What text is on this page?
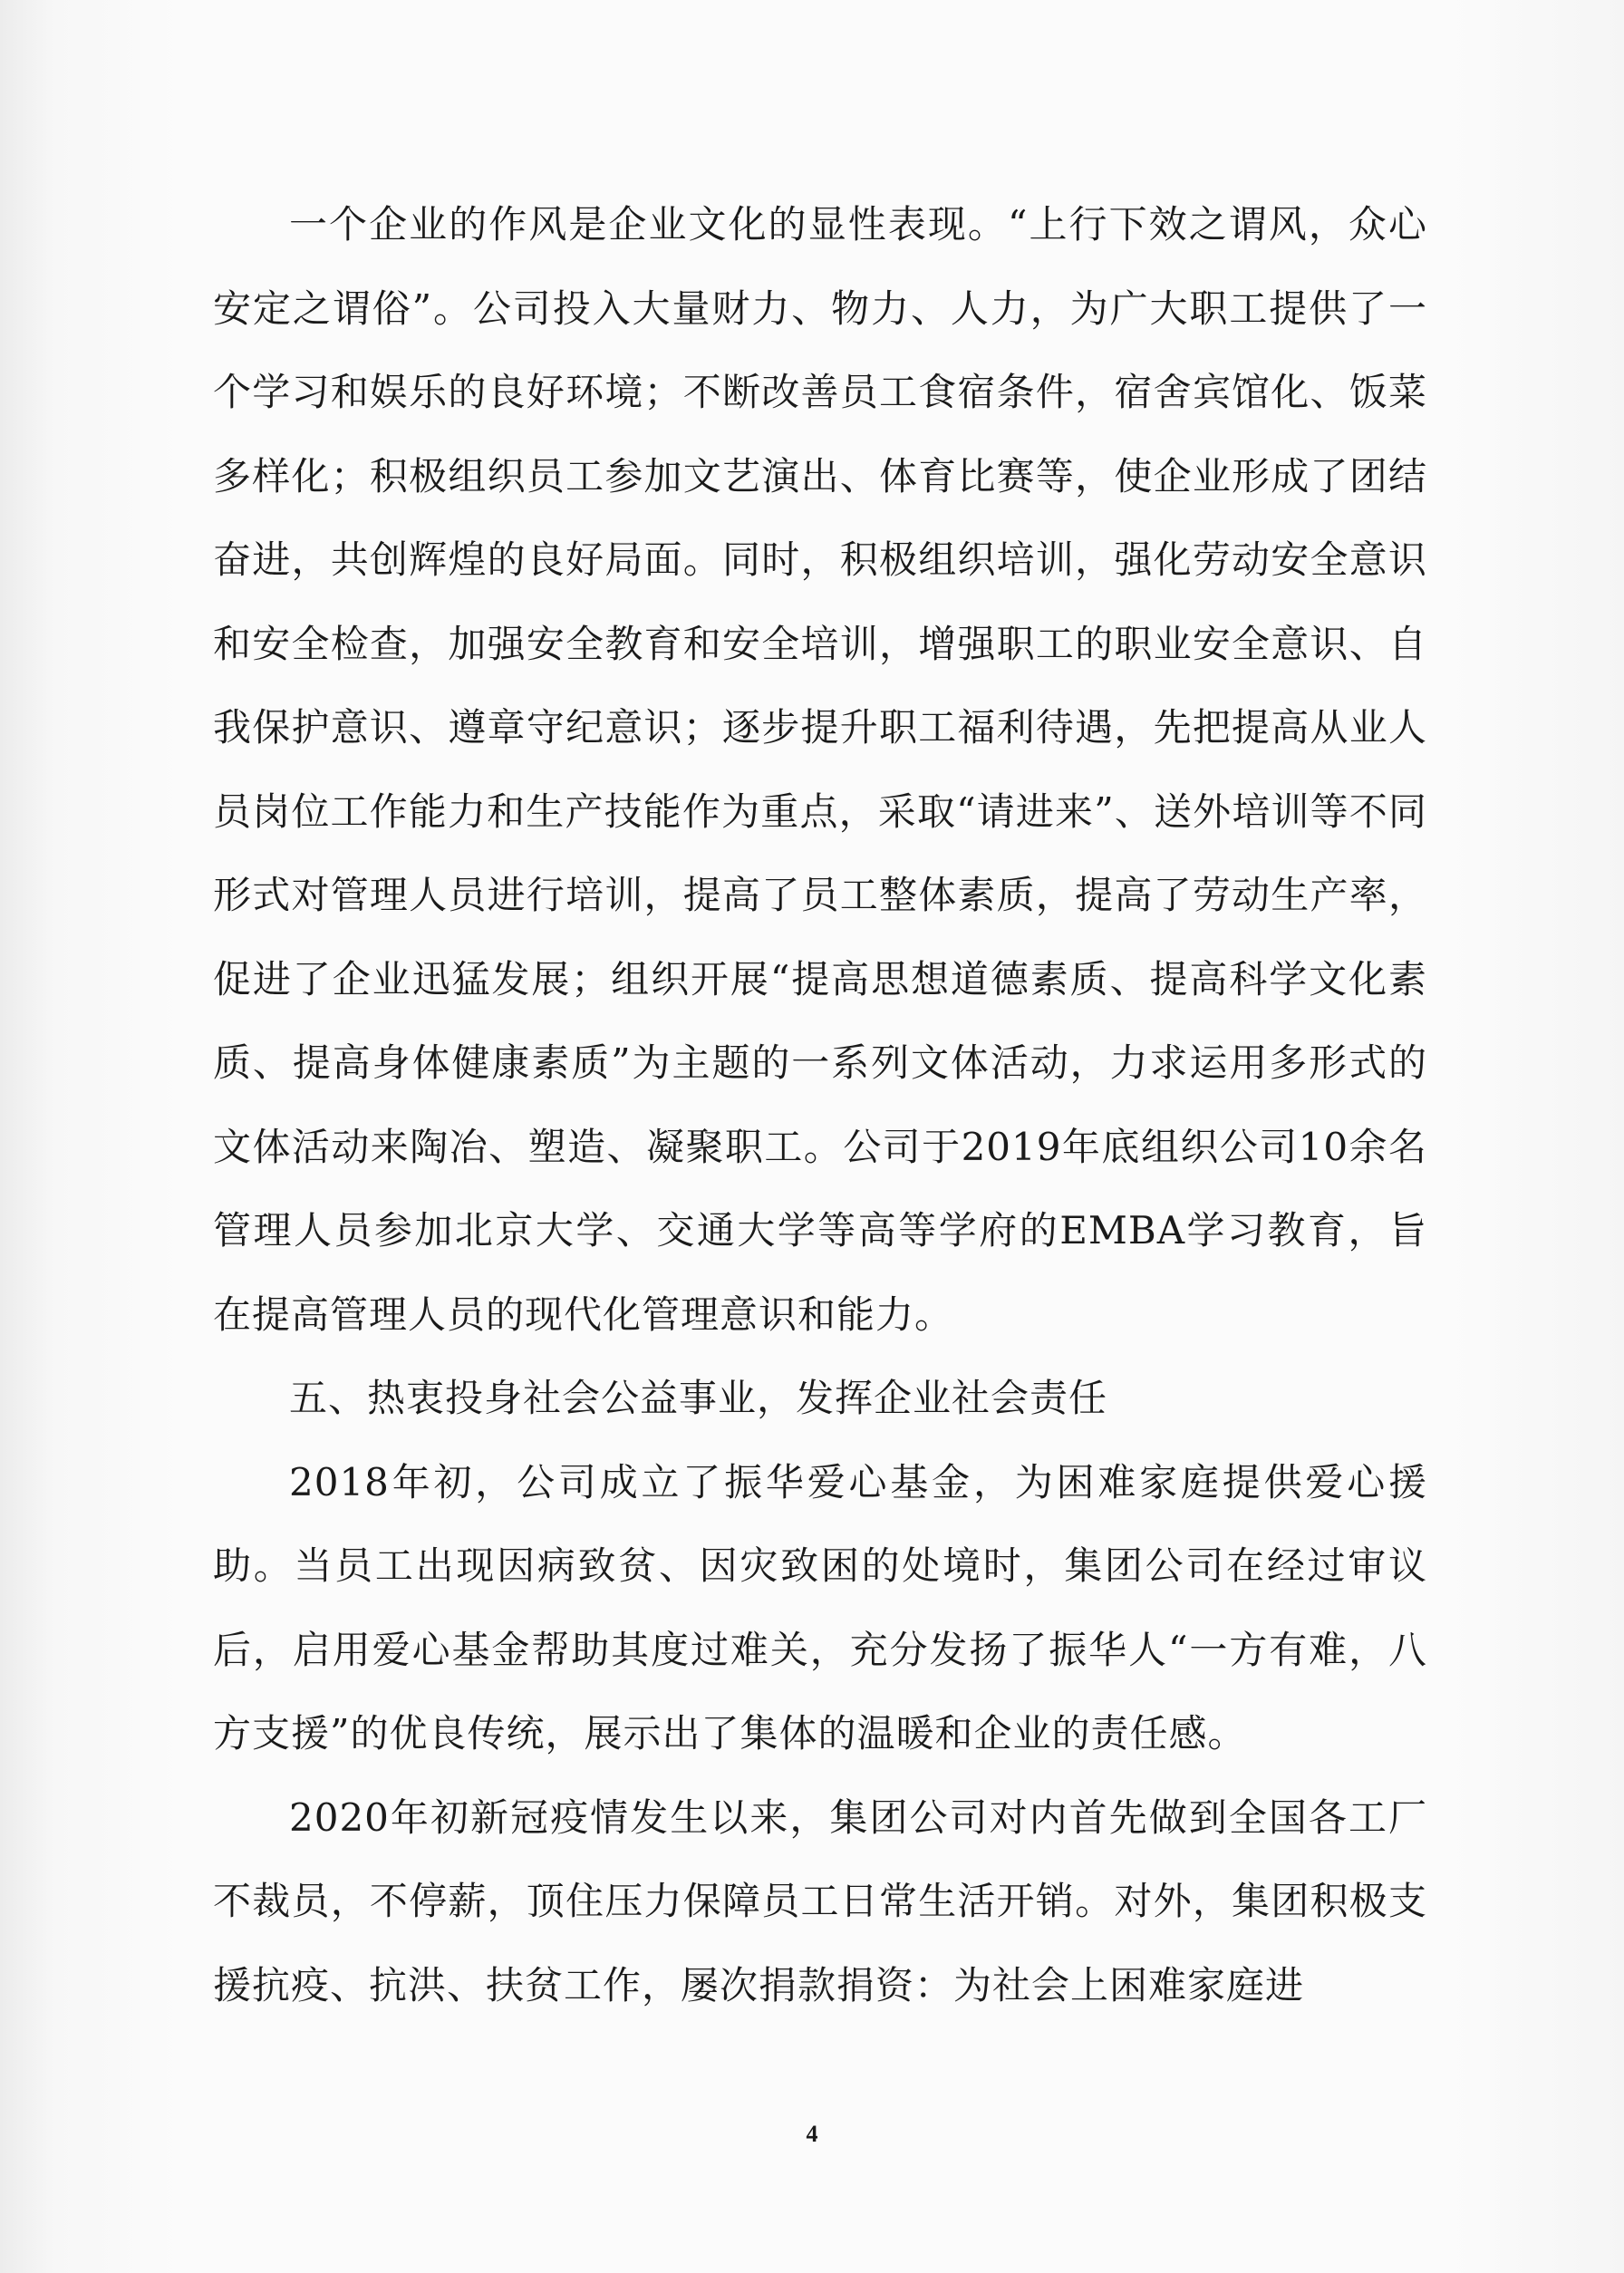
一个企业的作风是企业文化的显性表现。“上行下效之谓风，众心安定之谓俗”。公司投入大量财力、物力、人力，为广大职工提供了一个学习和娱乐的良好环境；不断改善员工食宿条件，宿舍宾馆化、饭菜多样化；积极组织员工参加文艺演出、体育比赛等，使企业形成了团结奋进，共创辉煌的良好局面。同时，积极组织培训，强化劳动安全意识和安全检查，加强安全教育和安全培训，增强职工的职业安全意识、自我保护意识、遵章守纪意识；逐步提升职工福利待遇，先把提高从业人员岗位工作能力和生产技能作为重点，采取“请进来”、送外培训等不同形式对管理人员进行培训，提高了员工整体素质，提高了劳动生产率，促进了企业迅猛发展；组织开展“提高思想道德素质、提高科学文化素质、提高身体健康素质”为主题的一系列文体活动，力求运用多形式的文体活动来陶冶、塑造、凝聚职工。公司于2019年底组织公司10余名管理人员参加北京大学、交通大学等高等学府的EMBA学习教育，旨在提高管理人员的现代化管理意识和能力。

五、热衷投身社会公益事业，发挥企业社会责任

2018年初，公司成立了振华爱心基金，为困难家庭提供爱心援助。当员工出现因病致贫、因灾致困的处境时，集团公司在经过审议后，启用爱心基金帮助其度过难关，充分发扬了振华人“一方有难，八方支援”的优良传统，展示出了集体的温暖和企业的责任感。

2020年初新冠疫情发生以来，集团公司对内首先做到全国各工厂不裁员，不停薪，顶住压力保障员工日常生活开销。对外，集团积极支援抗疫、抗洪、扶贫工作，屡次捐款捐资：为社会上困难家庭进

4
